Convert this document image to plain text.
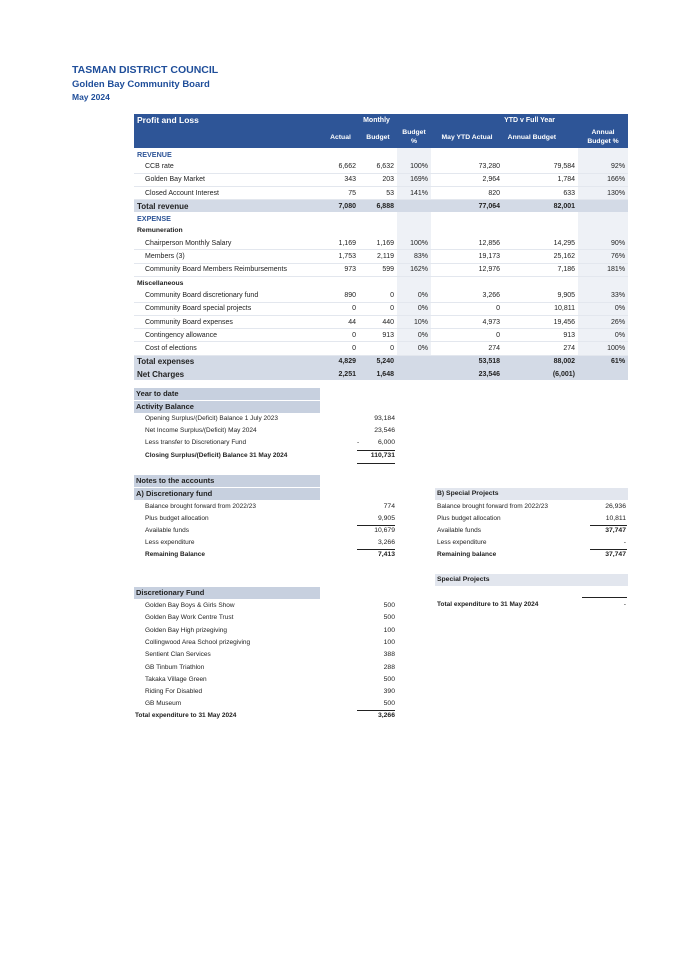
TASMAN DISTRICT COUNCIL
Golden Bay Community Board
May 2024
Profit and Loss	Monthly			YTD v Full Year		
	Actual	Budget	Budget %	May YTD Actual	Annual Budget	Annual Budget %
REVENUE						
CCB rate	6,662	6,632	100%	73,280	79,584	92%
Golden Bay Market	343	203	169%	2,964	1,784	166%
Closed Account Interest	75	53	141%	820	633	130%
Total revenue	7,080	6,888		77,064	82,001	
EXPENSE						
Remuneration						
Chairperson Monthly Salary	1,169	1,169	100%	12,856	14,295	90%
Members (3)	1,753	2,119	83%	19,173	25,162	76%
Community Board Members Reimbursements	973	599	162%	12,976	7,186	181%
Miscellaneous						
Community Board discretionary fund	890	0	0%	3,266	9,905	33%
Community Board special projects	0	0	0%	0	10,811	0%
Community Board expenses	44	440	10%	4,973	19,456	26%
Contingency allowance	0	913	0%	0	913	0%
Cost of elections	0	0	0%	274	274	100%
Total expenses	4,829	5,240		53,518	88,002	61%
Net Charges	2,251	1,648		23,546	(6,001)	
Year to date
Activity Balance
Opening Surplus/(Deficit) Balance 1 July 2023	93,184
Net Income Surplus/(Deficit) May 2024	23,546
Less transfer to Discretionary Fund	-	6,000
Closing Surplus/(Deficit) Balance 31 May 2024	110,731
Notes to the accounts
A) Discretionary fund
Balance brought forward from 2022/23	774
Plus budget allocation	9,905
Available funds	10,679
Less expenditure	3,266
Remaining Balance	7,413
B) Special Projects
Balance brought forward from 2022/23	26,936
Plus budget allocation	10,811
Available funds	37,747
Less expenditure	-
Remaining balance	37,747
Special Projects
Total expenditure to 31 May 2024	-
Discretionary Fund
Golden Bay Boys & Girls Show	500
Golden Bay Work Centre Trust	500
Golden Bay High prizegiving	100
Collingwood Area School prizegiving	100
Sentient Clan Services	388
GB Tinbum Triathlon	288
Takaka Village Green	500
Riding For Disabled	390
GB Museum	500
Total expenditure to 31 May 2024	3,266
